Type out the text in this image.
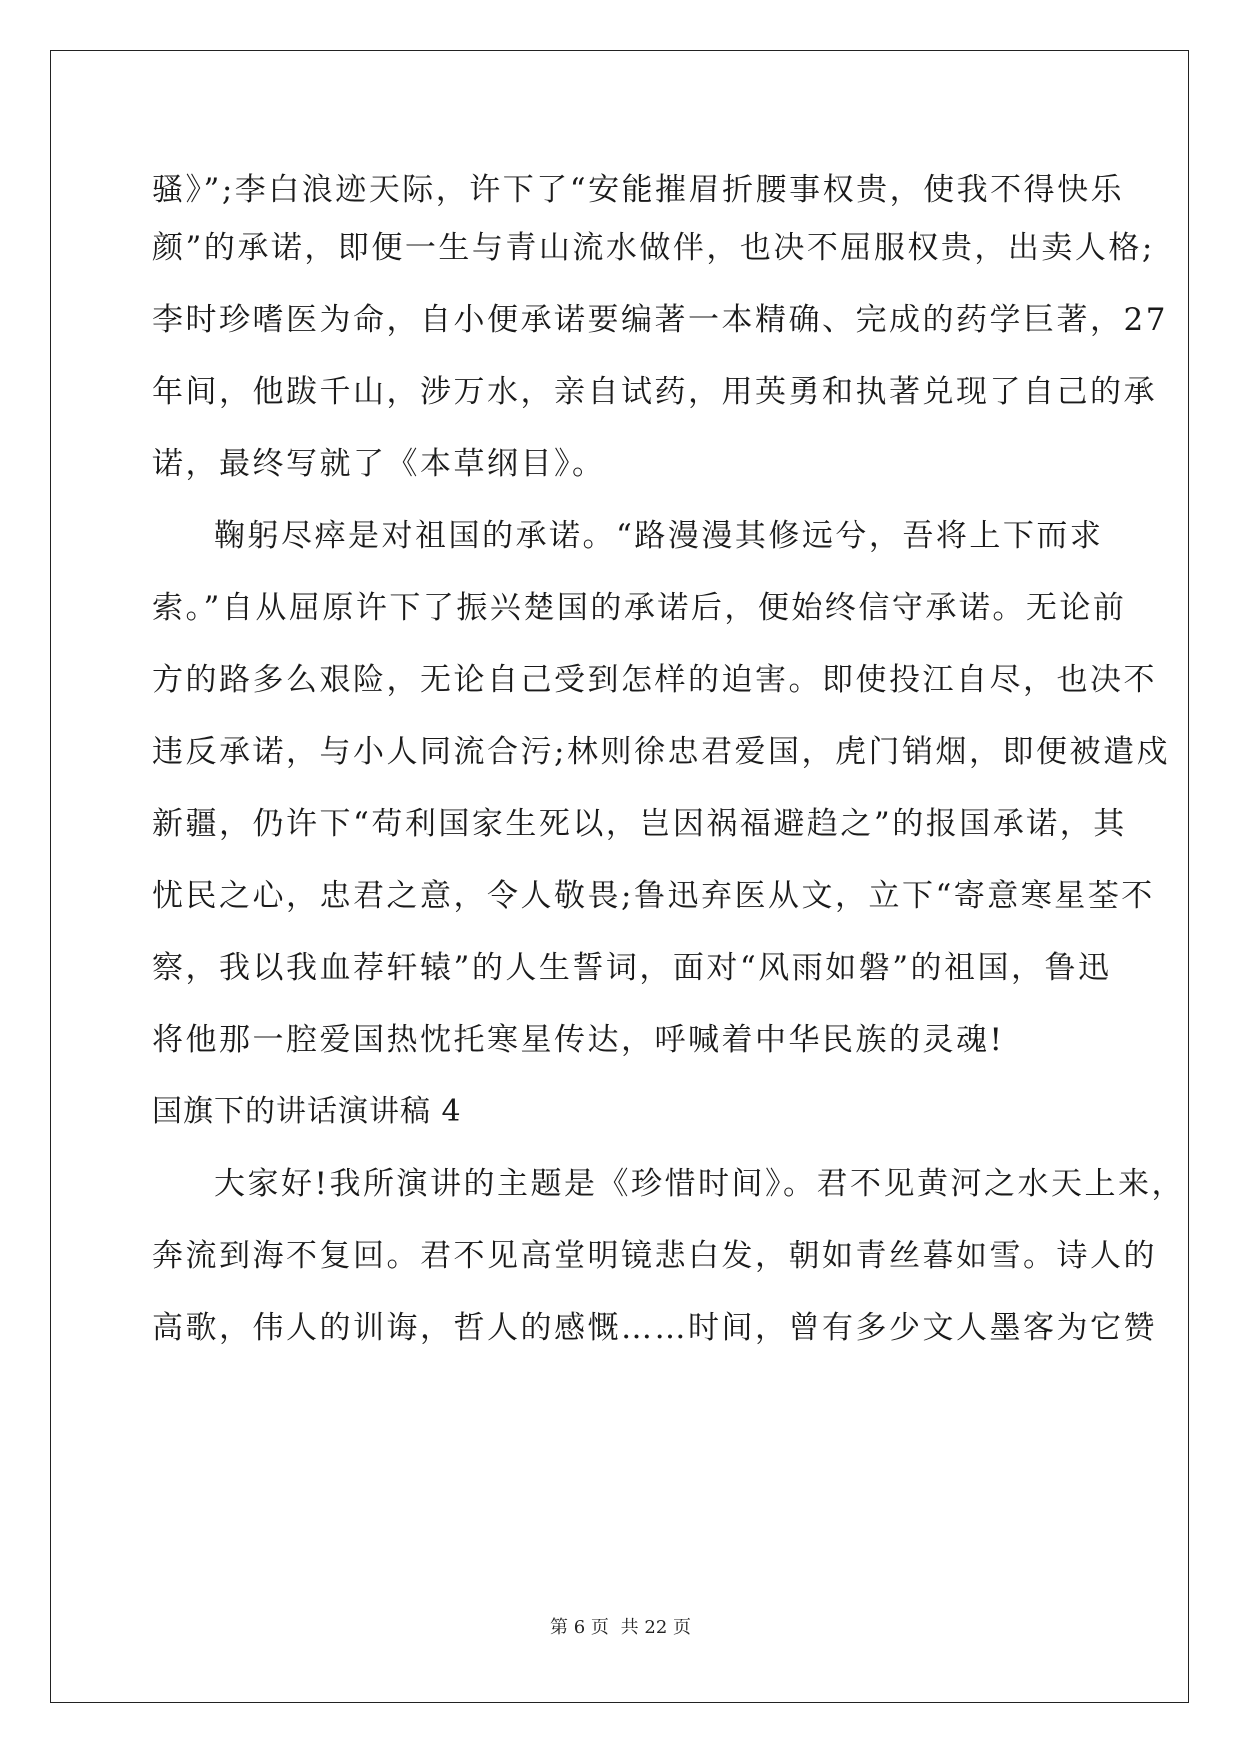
骚》”;李白浪迹天际，许下了“安能摧眉折腰事权贵，使我不得快乐

颜”的承诺，即便一生与青山流水做伴，也决不屈服权贵，出卖人格;

李时珍嗜医为命，自小便承诺要编著一本精确、完成的药学巨著，27

年间，他跋千山，涉万水，亲自试药，用英勇和执著兑现了自己的承

诺，最终写就了《本草纲目》。

鞠躬尽瘁是对祖国的承诺。“路漫漫其修远兮，吾将上下而求

索。”自从屈原许下了振兴楚国的承诺后，便始终信守承诺。无论前

方的路多么艰险，无论自己受到怎样的迫害。即使投江自尽，也决不

违反承诺，与小人同流合污;林则徐忠君爱国，虎门销烟，即便被遣戍

新疆，仍许下“苟利国家生死以，岂因祸福避趋之”的报国承诺，其

忧民之心，忠君之意，令人敬畏;鲁迅弃医从文，立下“寄意寒星荃不

察，我以我血荐轩辕”的人生誓词，面对“风雨如磐”的祖国，鲁迅

将他那一腔爱国热忱托寒星传达，呼喊着中华民族的灵魂!

国旗下的讲话演讲稿 4

大家好!我所演讲的主题是《珍惜时间》。君不见黄河之水天上来，

奔流到海不复回。君不见高堂明镜悲白发，朝如青丝暮如雪。诗人的

高歌，伟人的训诲，哲人的感慨……时间，曾有多少文人墨客为它赞

第 6 页 共 22 页
